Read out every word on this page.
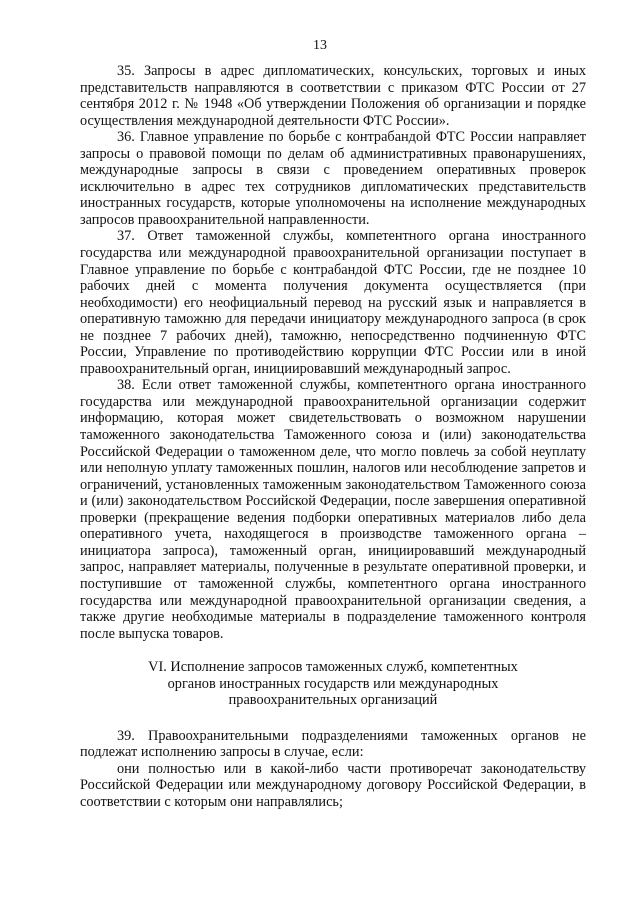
13

35. Запросы в адрес дипломатических, консульских, торговых и иных представительств направляются в соответствии с приказом ФТС России от 27 сентября 2012 г. № 1948 «Об утверждении Положения об организации и порядке осуществления международной деятельности ФТС России».

36. Главное управление по борьбе с контрабандой ФТС России направляет запросы о правовой помощи по делам об административных правонарушениях, международные запросы в связи с проведением оперативных проверок исключительно в адрес тех сотрудников дипломатических представительств иностранных государств, которые уполномочены на исполнение международных запросов правоохранительной направленности.

37. Ответ таможенной службы, компетентного органа иностранного государства или международной правоохранительной организации поступает в Главное управление по борьбе с контрабандой ФТС России, где не позднее 10 рабочих дней с момента получения документа осуществляется (при необходимости) его неофициальный перевод на русский язык и направляется в оперативную таможню для передачи инициатору международного запроса (в срок не позднее 7 рабочих дней), таможню, непосредственно подчиненную ФТС России, Управление по противодействию коррупции ФТС России или в иной правоохранительный орган, инициировавший международный запрос.

38. Если ответ таможенной службы, компетентного органа иностранного государства или международной правоохранительной организации содержит информацию, которая может свидетельствовать о возможном нарушении таможенного законодательства Таможенного союза и (или) законодательства Российской Федерации о таможенном деле, что могло повлечь за собой неуплату или неполную уплату таможенных пошлин, налогов или несоблюдение запретов и ограничений, установленных таможенным законодательством Таможенного союза и (или) законодательством Российской Федерации, после завершения оперативной проверки (прекращение ведения подборки оперативных материалов либо дела оперативного учета, находящегося в производстве таможенного органа – инициатора запроса), таможенный орган, инициировавший международный запрос, направляет материалы, полученные в результате оперативной проверки, и поступившие от таможенной службы, компетентного органа иностранного государства или международной правоохранительной организации сведения, а также другие необходимые материалы в подразделение таможенного контроля после выпуска товаров.

VI. Исполнение запросов таможенных служб, компетентных
органов иностранных государств или международных
правоохранительных организаций

39. Правоохранительными подразделениями таможенных органов не подлежат исполнению запросы в случае, если:

они полностью или в какой-либо части противоречат законодательству Российской Федерации или международному договору Российской Федерации, в соответствии с которым они направлялись;
